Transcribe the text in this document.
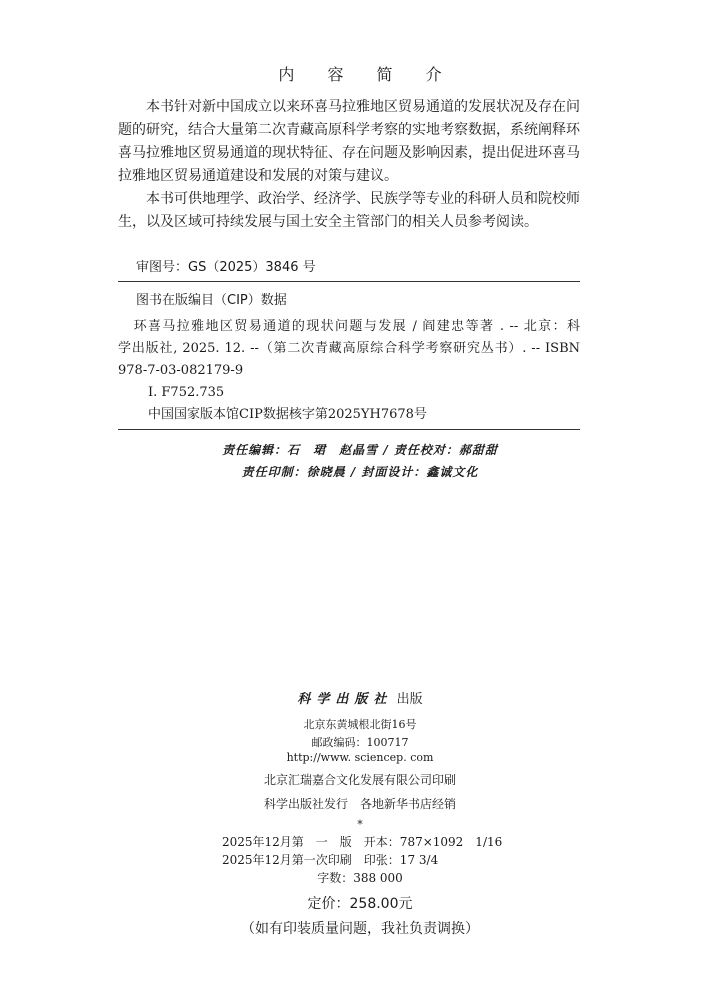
内 容 简 介

本书针对新中国成立以来环喜马拉雅地区贸易通道的发展状况及存在问题的研究，结合大量第二次青藏高原科学考察的实地考察数据，系统阐释环喜马拉雅地区贸易通道的现状特征、存在问题及影响因素，提出促进环喜马拉雅地区贸易通道建设和发展的对策与建议。

本书可供地理学、政治学、经济学、民族学等专业的科研人员和院校师生，以及区域可持续发展与国土安全主管部门的相关人员参考阅读。

审图号：GS（2025）3846 号
图书在版编目（CIP）数据
环喜马拉雅地区贸易通道的现状问题与发展 / 阎建忠等著 . -- 北京：科
学出版社, 2025. 12. --（第二次青藏高原综合科学考察研究丛书）. -- ISBN
978-7-03-082179-9
Ⅰ. F752.735
中国国家版本馆CIP数据核字第2025YH7678号
责任编辑：石　珺　赵晶雪 / 责任校对：郝甜甜
责任印制：徐晓晨 / 封面设计：鑫诚文化
科学出版社 出版
北京东黄城根北街16号
邮政编码：100717
http://www. sciencep. com
北京汇瑞嘉合文化发展有限公司印刷
科学出版社发行　各地新华书店经销
*
2025年12月第　一　版　开本：787×1092　1/16
2025年12月第一次印刷　印张：17 3/4
字数：388 000
定价：258.00元
（如有印装质量问题，我社负责调换）
